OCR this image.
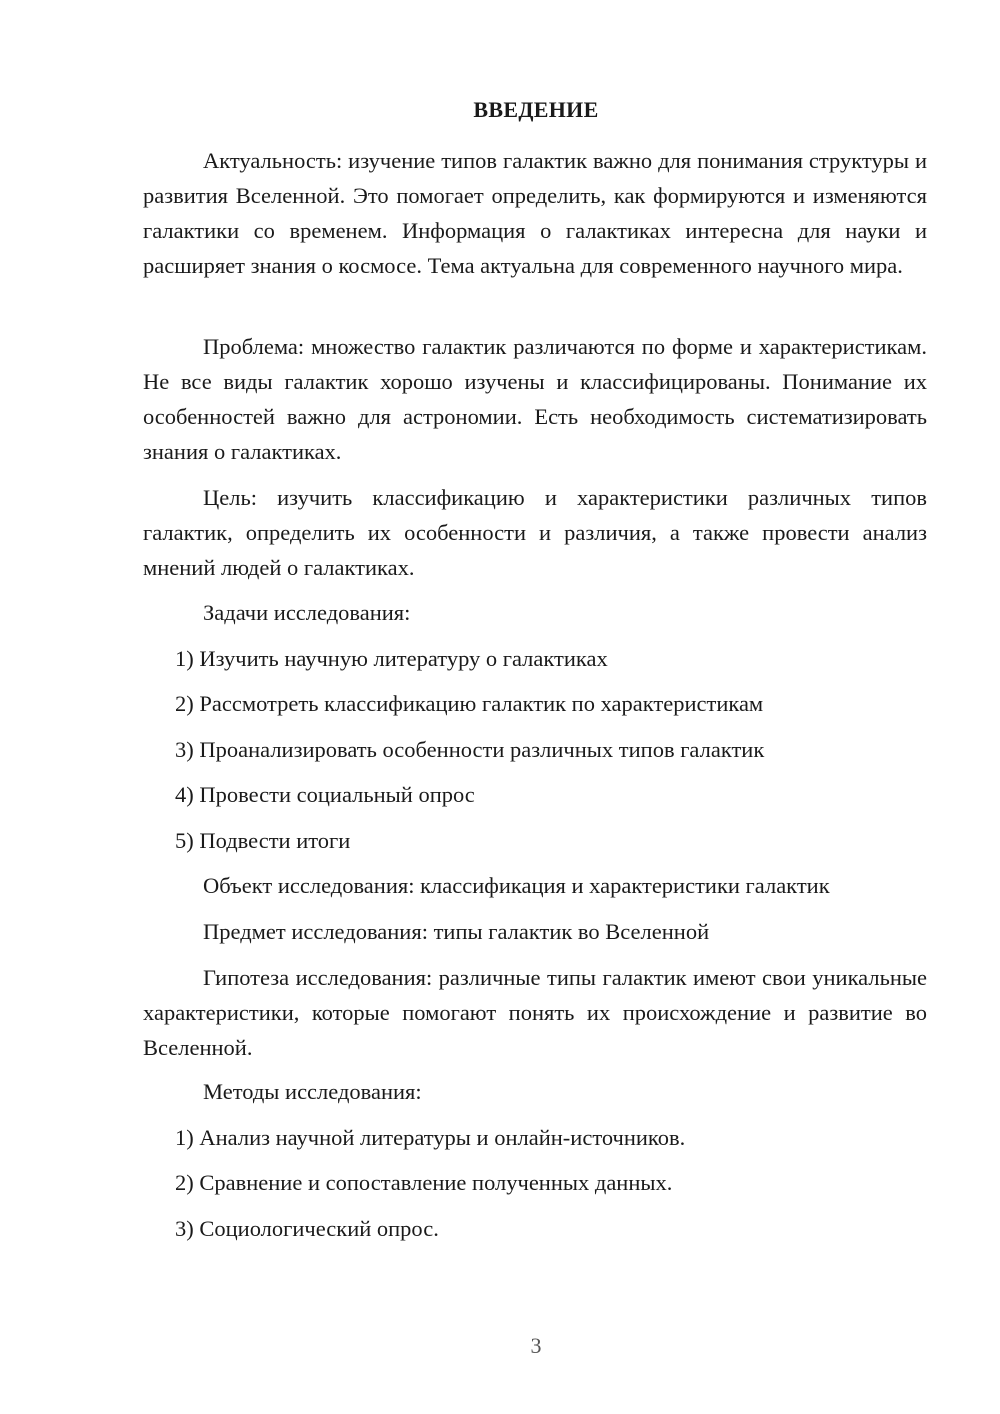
ВВЕДЕНИЕ

Актуальность: изучение типов галактик важно для понимания структуры и развития Вселенной. Это помогает определить, как формируются и изменяются галактики со временем. Информация о галактиках интересна для науки и расширяет знания о космосе. Тема актуальна для современного научного мира.

Проблема: множество галактик различаются по форме и характеристикам. Не все виды галактик хорошо изучены и классифицированы. Понимание их особенностей важно для астрономии. Есть необходимость систематизировать знания о галактиках.

Цель: изучить классификацию и характеристики различных типов галактик, определить их особенности и различия, а также провести анализ мнений людей о галактиках.

Задачи исследования:

1) Изучить научную литературу о галактиках

2) Рассмотреть классификацию галактик по характеристикам

3) Проанализировать особенности различных типов галактик

4) Провести социальный опрос

5) Подвести итоги

Объект исследования: классификация и характеристики галактик

Предмет исследования: типы галактик во Вселенной

Гипотеза исследования: различные типы галактик имеют свои уникальные характеристики, которые помогают понять их происхождение и развитие во Вселенной.

Методы исследования:

1) Анализ научной литературы и онлайн-источников.

2) Сравнение и сопоставление полученных данных.

3) Социологический опрос.

3
